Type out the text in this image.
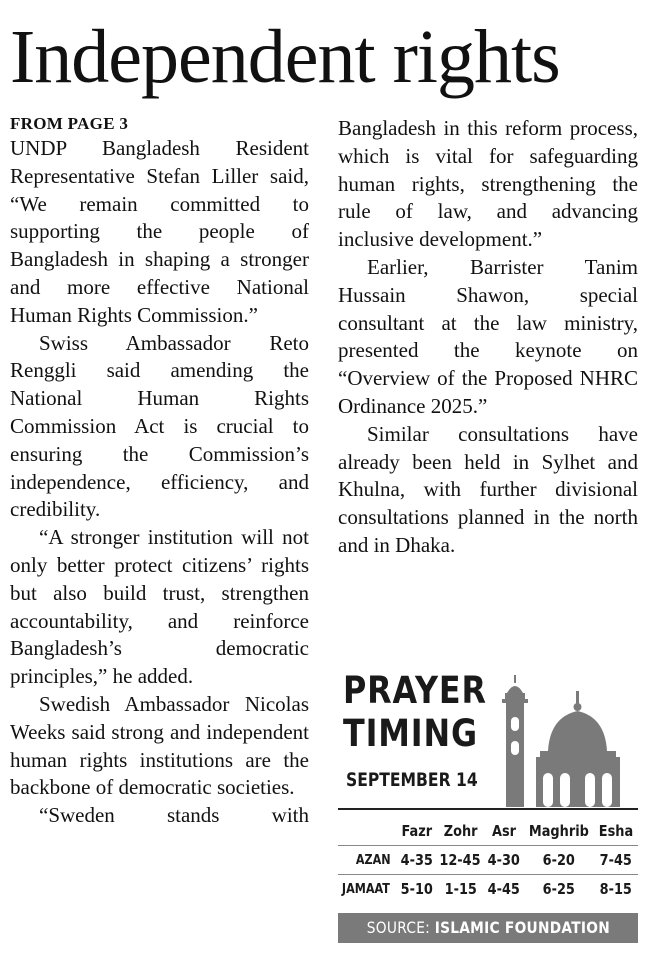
Independent rights
FROM PAGE 3

UNDP Bangladesh Resident Representative Stefan Liller said, “We remain committed to supporting the people of Bangladesh in shaping a stronger and more effective National Human Rights Commission.”

Swiss Ambassador Reto Renggli said amending the National Human Rights Commission Act is crucial to ensuring the Commission’s independence, efficiency, and credibility.

“A stronger institution will not only better protect citizens’ rights but also build trust, strengthen accountability, and reinforce Bangladesh’s democratic principles,” he added.

Swedish Ambassador Nicolas Weeks said strong and independent human rights institutions are the backbone of democratic societies.

“Sweden stands with

Bangladesh in this reform process, which is vital for safeguarding human rights, strengthening the rule of law, and advancing inclusive development.”

Earlier, Barrister Tanim Hussain Shawon, special consultant at the law ministry, presented the keynote on “Overview of the Proposed NHRC Ordinance 2025.”

Similar consultations have already been held in Sylhet and Khulna, with further divisional consultations planned in the north and in Dhaka.

PRAYER
TIMING
SEPTEMBER 14
	Fazr	Zohr	Asr	Maghrib	Esha
AZAN	4-35	12-45	4-30	6-20	7-45
JAMAAT	5-10	1-15	4-45	6-25	8-15
SOURCE: ISLAMIC FOUNDATION
